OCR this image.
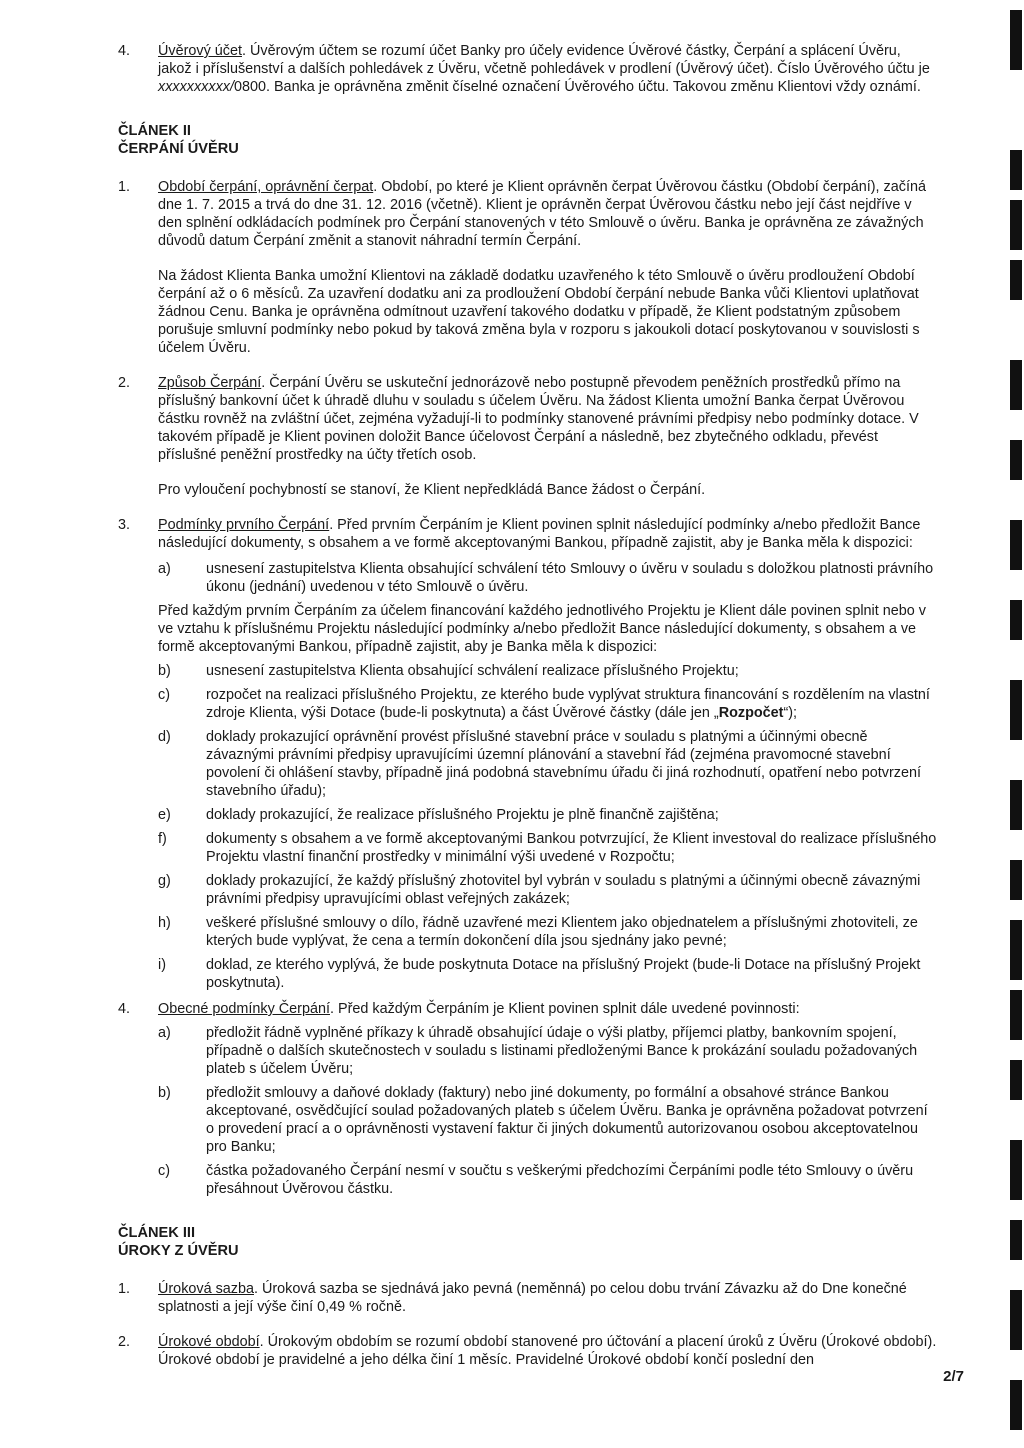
4.	Úvěrový účet. Úvěrovým účtem se rozumí účet Banky pro účely evidence Úvěrové částky, Čerpání a splácení Úvěru, jakož i příslušenství a dalších pohledávek z Úvěru, včetně pohledávek v prodlení (Úvěrový účet). Číslo Úvěrového účtu je xxxxxxxxxx/0800. Banka je oprávněna změnit číselné označení Úvěrového účtu. Takovou změnu Klientovi vždy oznámí.
ČLÁNEK II
ČERPÁNÍ ÚVĚRU
1.	Období čerpání, oprávnění čerpat. Období, po které je Klient oprávněn čerpat Úvěrovou částku (Období čerpání), začíná dne 1. 7. 2015 a trvá do dne 31. 12. 2016 (včetně). Klient je oprávněn čerpat Úvěrovou částku nebo její část nejdříve v den splnění odkládacích podmínek pro Čerpání stanovených v této Smlouvě o úvěru. Banka je oprávněna ze závažných důvodů datum Čerpání změnit a stanovit náhradní termín Čerpání.
Na žádost Klienta Banka umožní Klientovi na základě dodatku uzavřeného k této Smlouvě o úvěru prodloužení Období čerpání až o 6 měsíců. Za uzavření dodatku ani za prodloužení Období čerpání nebude Banka vůči Klientovi uplatňovat žádnou Cenu. Banka je oprávněna odmítnout uzavření takového dodatku v případě, že Klient podstatným způsobem porušuje smluvní podmínky nebo pokud by taková změna byla v rozporu s jakoukoli dotací poskytovanou v souvislosti s účelem Úvěru.
2.	Způsob Čerpání. Čerpání Úvěru se uskuteční jednorázově nebo postupně převodem peněžních prostředků přímo na příslušný bankovní účet k úhradě dluhu v souladu s účelem Úvěru. Na žádost Klienta umožní Banka čerpat Úvěrovou částku rovněž na zvláštní účet, zejména vyžadují-li to podmínky stanovené právními předpisy nebo podmínky dotace. V takovém případě je Klient povinen doložit Bance účelovost Čerpání a následně, bez zbytečného odkladu, převést příslušné peněžní prostředky na účty třetích osob.
Pro vyloučení pochybností se stanoví, že Klient nepředkládá Bance žádost o Čerpání.
3.	Podmínky prvního Čerpání. Před prvním Čerpáním je Klient povinen splnit následující podmínky a/nebo předložit Bance následující dokumenty, s obsahem a ve formě akceptovanými Bankou, případně zajistit, aby je Banka měla k dispozici:
a)	usnesení zastupitelstva Klienta obsahující schválení této Smlouvy o úvěru v souladu s doložkou platnosti právního úkonu (jednání) uvedenou v této Smlouvě o úvěru.
Před každým prvním Čerpáním za účelem financování každého jednotlivého Projektu je Klient dále povinen splnit nebo v ve vztahu k příslušnému Projektu následující podmínky a/nebo předložit Bance následující dokumenty, s obsahem a ve formě akceptovanými Bankou, případně zajistit, aby je Banka měla k dispozici:
b)	usnesení zastupitelstva Klienta obsahující schválení realizace příslušného Projektu;
c)	rozpočet na realizaci příslušného Projektu, ze kterého bude vyplývat struktura financování s rozdělením na vlastní zdroje Klienta, výši Dotace (bude-li poskytnuta) a část Úvěrové částky (dále jen „Rozpočet“);
d)	doklady prokazující oprávnění provést příslušné stavební práce v souladu s platnými a účinnými obecně závaznými právními předpisy upravujícími územní plánování a stavební řád (zejména pravomocné stavební povolení či ohlášení stavby, případně jiná podobná stavebnímu úřadu či jiná rozhodnutí, opatření nebo potvrzení stavebního úřadu);
e)	doklady prokazující, že realizace příslušného Projektu je plně finančně zajištěna;
f)	dokumenty s obsahem a ve formě akceptovanými Bankou potvrzující, že Klient investoval do realizace příslušného Projektu vlastní finanční prostředky v minimální výši uvedené v Rozpočtu;
g)	doklady prokazující, že každý příslušný zhotovitel byl vybrán v souladu s platnými a účinnými obecně závaznými právními předpisy upravujícími oblast veřejných zakázek;
h)	veškeré příslušné smlouvy o dílo, řádně uzavřené mezi Klientem jako objednatelem a příslušnými zhotoviteli, ze kterých bude vyplývat, že cena a termín dokončení díla jsou sjednány jako pevné;
i)	doklad, ze kterého vyplývá, že bude poskytnuta Dotace na příslušný Projekt (bude-li Dotace na příslušný Projekt poskytnuta).
4.	Obecné podmínky Čerpání. Před každým Čerpáním je Klient povinen splnit dále uvedené povinnosti:
a)	předložit řádně vyplněné příkazy k úhradě obsahující údaje o výši platby, příjemci platby, bankovním spojení, případně o dalších skutečnostech v souladu s listinami předloženými Bance k prokázání souladu požadovaných plateb s účelem Úvěru;
b)	předložit smlouvy a daňové doklady (faktury) nebo jiné dokumenty, po formální a obsahové stránce Bankou akceptované, osvědčující soulad požadovaných plateb s účelem Úvěru. Banka je oprávněna požadovat potvrzení o provedení prací a o oprávněnosti vystavení faktur či jiných dokumentů autorizovanou osobou akceptovatelnou pro Banku;
c)	částka požadovaného Čerpání nesmí v součtu s veškerými předchozími Čerpáními podle této Smlouvy o úvěru přesáhnout Úvěrovou částku.
ČLÁNEK III
ÚROKY Z ÚVĚRU
1.	Úroková sazba. Úroková sazba se sjednává jako pevná (neměnná) po celou dobu trvání Závazku až do Dne konečné splatnosti a její výše činí 0,49 % ročně.
2.	Úrokové období. Úrokovým obdobím se rozumí období stanovené pro účtování a placení úroků z Úvěru (Úrokové období). Úrokové období je pravidelné a jeho délka činí 1 měsíc. Pravidelné Úrokové období končí poslední den
2/7
